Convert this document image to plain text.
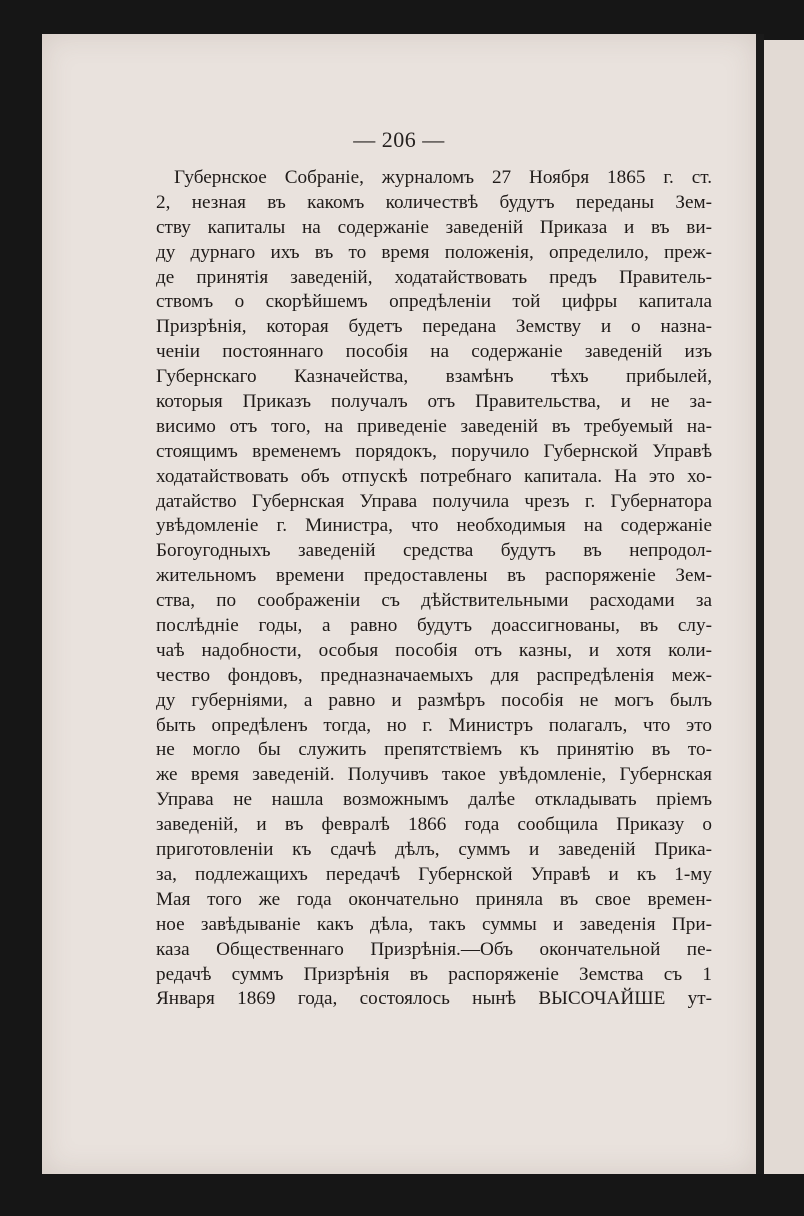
— 206 —

Губернское Собраніе, журналомъ 27 Ноября 1865 г. ст.
2, незная въ какомъ количествѣ будутъ переданы Зем-
ству капиталы на содержаніе заведеній Приказа и въ ви-
ду дурнаго ихъ въ то время положенія, определило, преж-
де принятія заведеній, ходатайствовать предъ Правитель-
ствомъ о скорѣйшемъ опредѣленіи той цифры капитала
Призрѣнія, которая будетъ передана Земству и о назна-
ченіи постояннаго пособія на содержаніе заведеній изъ
Губернскаго Казначейства, взамѣнъ тѣхъ прибылей,
которыя Приказъ получалъ отъ Правительства, и не за-
висимо отъ того, на приведеніе заведеній въ требуемый на-
стоящимъ временемъ порядокъ, поручило Губернской Управѣ
ходатайствовать объ отпускѣ потребнаго капитала. На это хо-
датайство Губернская Управа получила чрезъ г. Губернатора
увѣдомленіе г. Министра, что необходимыя на содержаніе
Богоугодныхъ заведеній средства будутъ въ непродол-
жительномъ времени предоставлены въ распоряженіе Зем-
ства, по соображеніи съ дѣйствительными расходами за
послѣдніе годы, а равно будутъ доассигнованы, въ слу-
чаѣ надобности, особыя пособія отъ казны, и хотя коли-
чество фондовъ, предназначаемыхъ для распредѣленія меж-
ду губерніями, а равно и размѣръ пособія не могъ былъ
быть опредѣленъ тогда, но г. Министръ полагалъ, что это
не могло бы служить препятствіемъ къ принятію въ то-
же время заведеній. Получивъ такое увѣдомленіе, Губернская
Управа не нашла возможнымъ далѣе откладывать пріемъ
заведеній, и въ февралѣ 1866 года сообщила Приказу о
приготовленіи къ сдачѣ дѣлъ, суммъ и заведеній Прика-
за, подлежащихъ передачѣ Губернской Управѣ и къ 1-му
Мая того же года окончательно приняла въ свое времен-
ное завѣдываніе какъ дѣла, такъ суммы и заведенія При-
каза Общественнаго Призрѣнія.—Объ окончательной пе-
редачѣ суммъ Призрѣнія въ распоряженіе Земства съ 1
Января 1869 года, состоялось нынѣ ВЫСОЧАЙШЕ ут-
